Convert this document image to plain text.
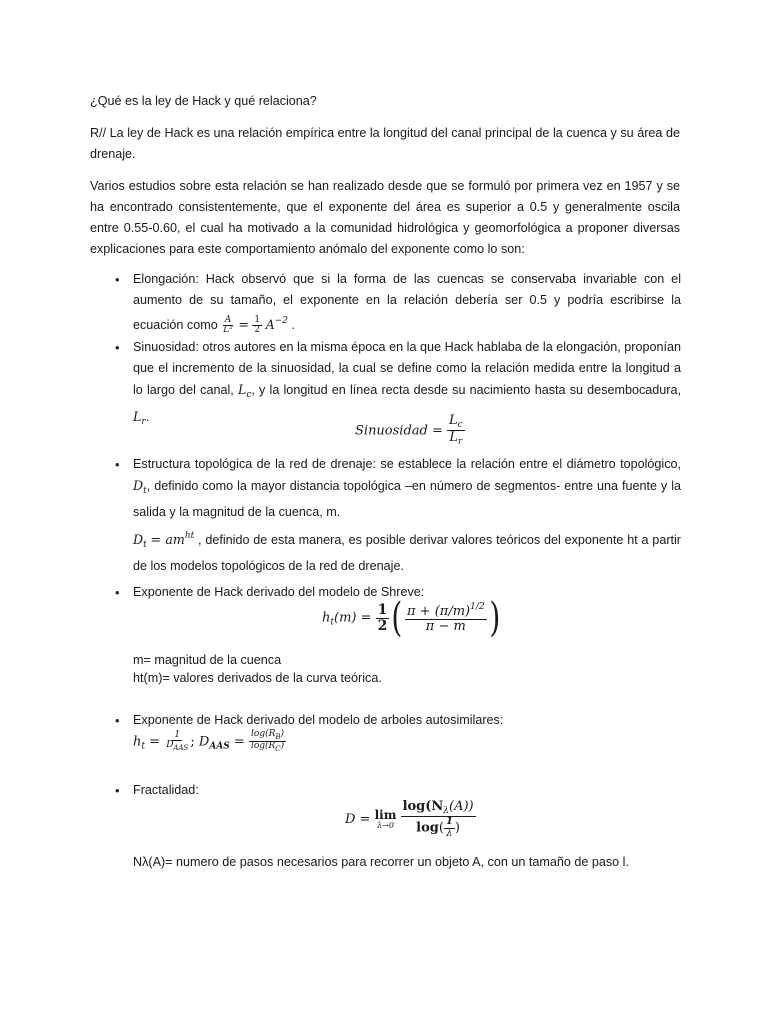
¿Qué es la ley de Hack y qué relaciona?

R// La ley de Hack es una relación empírica entre la longitud del canal principal de la cuenca y su área de drenaje.

Varios estudios sobre esta relación se han realizado desde que se formuló por primera vez en 1957 y se ha encontrado consistentemente, que el exponente del área es superior a 0.5 y generalmente oscila entre 0.55-0.60, el cual ha motivado a la comunidad hidrológica y geomorfológica a proponer diversas explicaciones para este comportamiento anómalo del exponente como lo son:

•	Elongación: Hack observó que si la forma de las cuencas se conservaba invariable con el aumento de su tamaño, el exponente en la relación debería ser 0.5 y podría escribirse la ecuación como $\frac{A}{\text{L²}} = \frac{1}{2} A^{-2}$ .

•	Sinuosidad: otros autores en la misma época en la que Hack hablaba de la elongación, proponían que el incremento de la sinuosidad, la cual se define como la relación medida entre la longitud a lo largo del canal, $L_c$, y la longitud en línea recta desde su nacimiento hasta su desembocadura, $L_r$.

Sinuosidad = $\frac{L_c}{L_r}$
•	Estructura topológica de la red de drenaje: se establece la relación entre el diámetro topológico, $D_t$, definido como la mayor distancia topológica –en número de segmentos- entre una fuente y la salida y la magnitud de la cuenca, m.

$D_t = am^{ht}$ , definido de esta manera, es posible derivar valores teóricos del exponente ht a partir de los modelos topológicos de la red de drenaje.

•	Exponente de Hack derivado del modelo de Shreve:

$h_t(m) = \frac{1}{2}$ ( $\frac{\pi + (\pi/m)^{1/2}}{\pi - m}$ )

m= magnitud de la cuenca

ht(m)= valores derivados de la curva teórica.

•	Exponente de Hack derivado del modelo de arboles autosimilares:

$h_t = \frac{1}{D_{AAS}}$ ; $D_{AAS} = \frac{\log(R_B)}{\log(R_C)}$
•	Fractalidad:

D = lim
λ→0
$\frac{\log(N_\lambda(A))}{\log( \frac{1}{\lambda} )}$

Nλ(A)= numero de pasos necesarios para recorrer un objeto A, con un tamaño de paso l.
